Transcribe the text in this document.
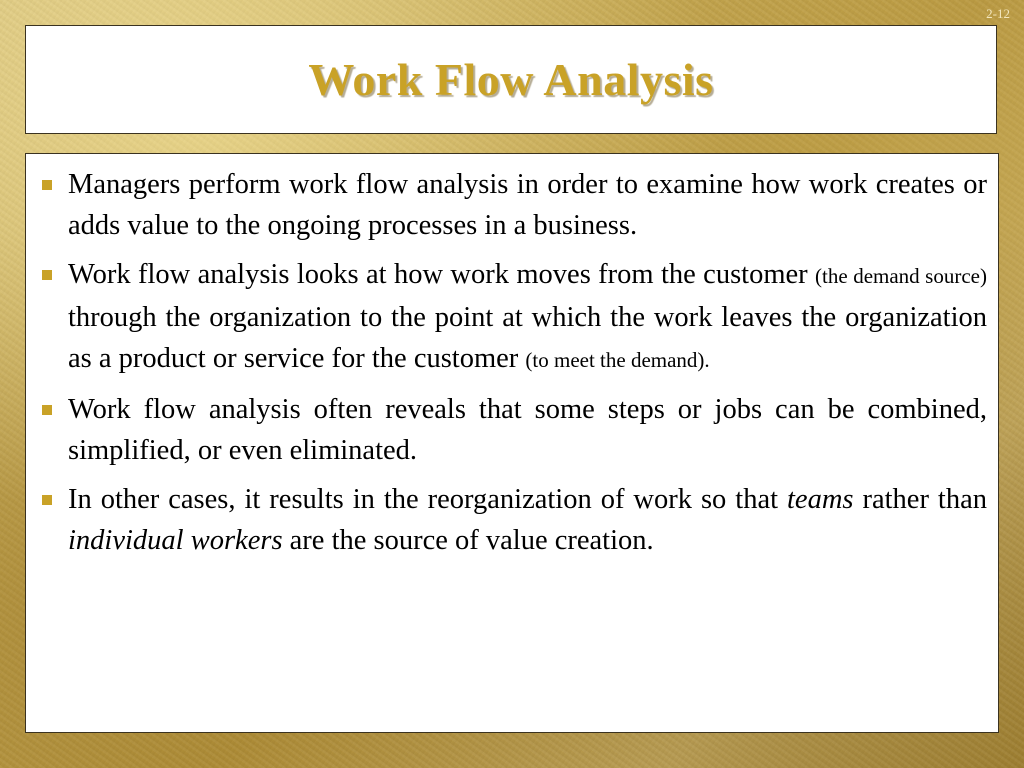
2-12
Work Flow Analysis
Managers perform work flow analysis in order to examine how work creates or adds value to the ongoing processes in a business.
Work flow analysis looks at how work moves from the customer (the demand source) through the organization to the point at which the work leaves the organization as a product or service for the customer (to meet the demand).
Work flow analysis often reveals that some steps or jobs can be combined, simplified, or even eliminated.
In other cases, it results in the reorganization of work so that teams rather than individual workers are the source of value creation.
